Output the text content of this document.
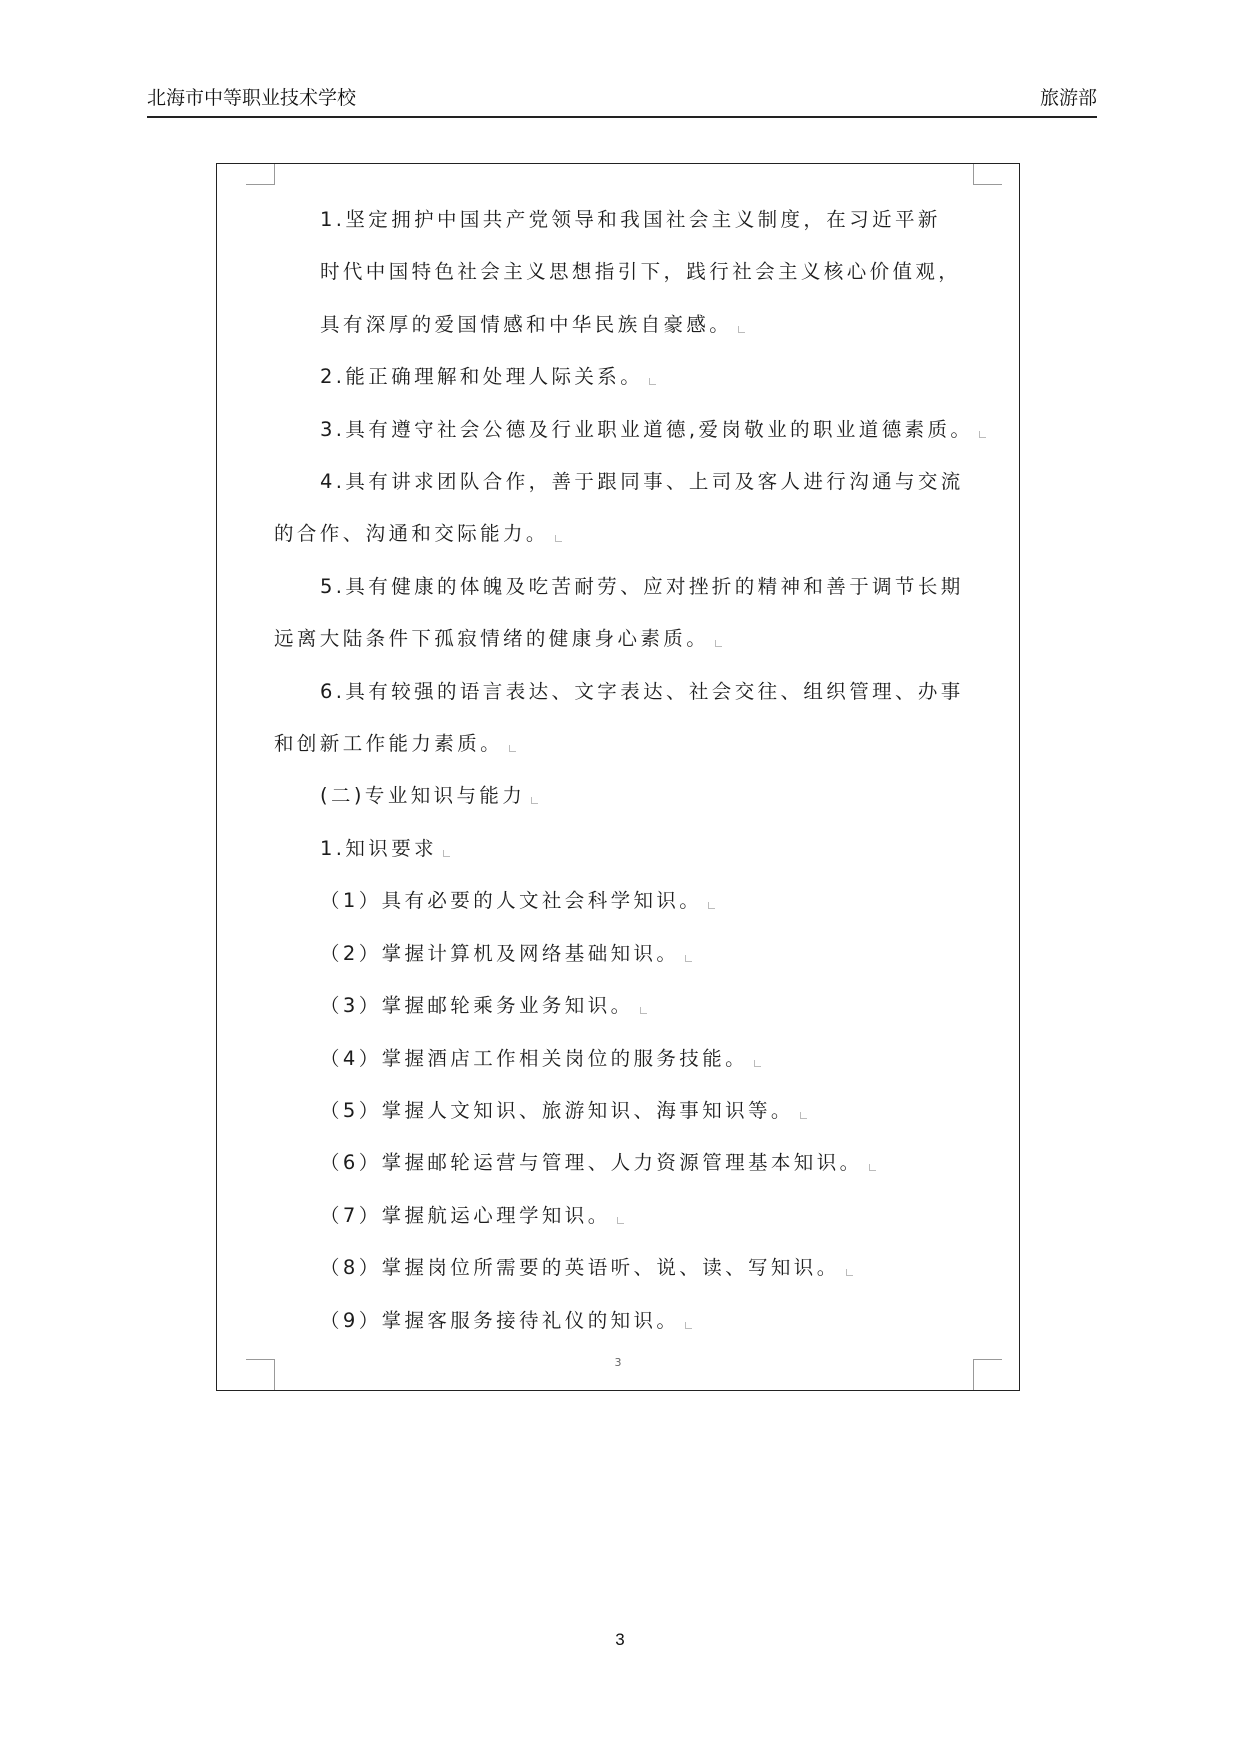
北海市中等职业技术学校	旅游部

1.坚定拥护中国共产党领导和我国社会主义制度，在习近平新

时代中国特色社会主义思想指引下，践行社会主义核心价值观，

具有深厚的爱国情感和中华民族自豪感。

2.能正确理解和处理人际关系。

3.具有遵守社会公德及行业职业道德,爱岗敬业的职业道德素质。

4.具有讲求团队合作，善于跟同事、上司及客人进行沟通与交流

的合作、沟通和交际能力。

5.具有健康的体魄及吃苦耐劳、应对挫折的精神和善于调节长期

远离大陆条件下孤寂情绪的健康身心素质。

6.具有较强的语言表达、文字表达、社会交往、组织管理、办事

和创新工作能力素质。

(二)专业知识与能力

1.知识要求

（1）具有必要的人文社会科学知识。

（2）掌握计算机及网络基础知识。

（3）掌握邮轮乘务业务知识。

（4）掌握酒店工作相关岗位的服务技能。

（5）掌握人文知识、旅游知识、海事知识等。

（6）掌握邮轮运营与管理、人力资源管理基本知识。

（7）掌握航运心理学知识。

（8）掌握岗位所需要的英语听、说、读、写知识。

（9）掌握客服务接待礼仪的知识。

3
3
